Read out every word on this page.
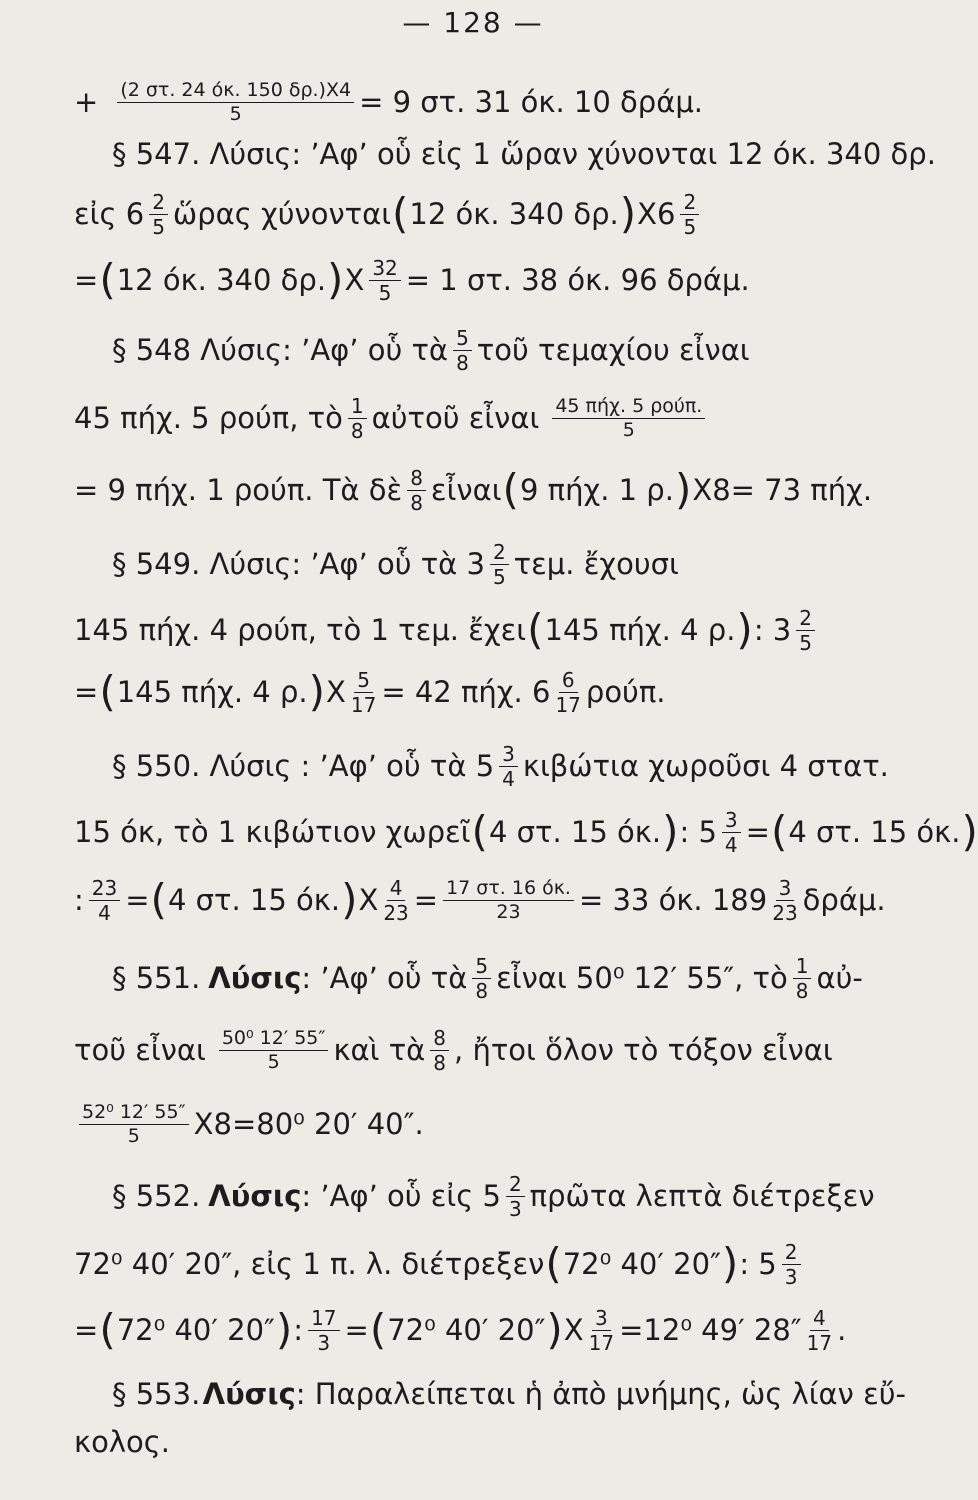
— 128 —
+ $\frac{(2 \sigma\tau. 24 ό\kappa. 150 \delta\rho.)X4}{5} = 9$ στ. 31 όκ. 10 δράμ.
§ 547. Λύσις: ’Αφ’ οὗ εἰς 1 ὥραν χύνονται 12 όκ. 340 δρ.
εἰς $6 \frac{2}{5}$ ὥρας χύνονται ( 12 όκ. 340 δρ. ) $X6 \frac{2}{5}$
= ( 12 όκ. 340 δρ. ) Χ $\frac{32}{5} = 1$ στ. 38 όκ. 96 δράμ.
§ 548 Λύσις: ’Αφ’ οὗ τὰ $\frac{5}{8}$ τοῦ τεμαχίου εἶναι
45 πήχ. 5 ρούπ, τὸ $\frac{1}{8}$ αὐτοῦ εἶναι $\frac{\text{45 πήχ. 5 ρούπ.}}{5}$
= 9 πήχ. 1 ρούπ. Τὰ δὲ $\frac{8}{8}$ εἶναι ( 9 πήχ. 1 ρ. ) Χ8= 73 πήχ.
§ 549. Λύσις: ’Αφ’ οὗ τὰ $3 \frac{2}{5} \tau\varepsilon\mu$. ἔχουσι
145 πήχ. 4 ρούπ, τὸ 1 τεμ. ἔχει ( 145 πήχ. 4 ρ. ) : $3 \frac{2}{5}$
= ( 145 πήχ. 4 ρ. ) Χ $\frac{5}{17} = 42$ πήχ. $6 \frac{6}{17} \rho oύ\pi$.
§ 550. Λύσις : ’Αφ’ οὗ τὰ $5 \frac{3}{4}$ κιβώτια χωροῦσι 4 στατ.
15 όκ, τὸ 1 κιβώτιον χωρεῖ ( 4 στ. 15 όκ. ) : $5 \frac{3}{4}$ = ( 4 στ. 15 όκ. )
: $\frac{23}{4}$ = ( 4 στ. 15 όκ. ) Χ $\frac{4}{23} = \frac{17 \sigma\tau. 16 ό\kappa.}{23} = 33$ όκ. $189 \frac{3}{23} \delta\rho ά\mu$.
§ 551. Λύσις : ’Αφ’ οὗ τὰ $\frac{5}{8}$ εἶναι 50⁰ 12′ 55″, τὸ $\frac{1}{8}$ αὐ-
τοῦ εἶναι $\frac{\text{50⁰ 12′ 55″}}{5}$ καὶ τὰ $\frac{8}{8}$ , ἤτοι ὅλον τὸ τόξον εἶναι
$\frac{\text{52⁰ 12′ 55″}}{5} X8=80^0$ 20′ 40″.
§ 552. Λύσις : ’Αφ’ οὗ εἰς $5 \frac{2}{3}$ πρῶτα λεπτὰ διέτρεξεν
72⁰ 40′ 20″, εἰς 1 π. λ. διέτρεξεν ( 72⁰ 40′ 20″ ) : $5 \frac{2}{3}$
= ( 72⁰ 40′ 20″ ) : $\frac{17}{3}$ = ( 72⁰ 40′ 20″ ) Χ $\frac{3}{17} =12^0$ 49′ $28'' \frac{4}{17}$ .
§ 553. Λύσις : Παραλείπεται ἡ ἀπὸ μνήμης, ὡς λίαν εὔ-
κολος.
